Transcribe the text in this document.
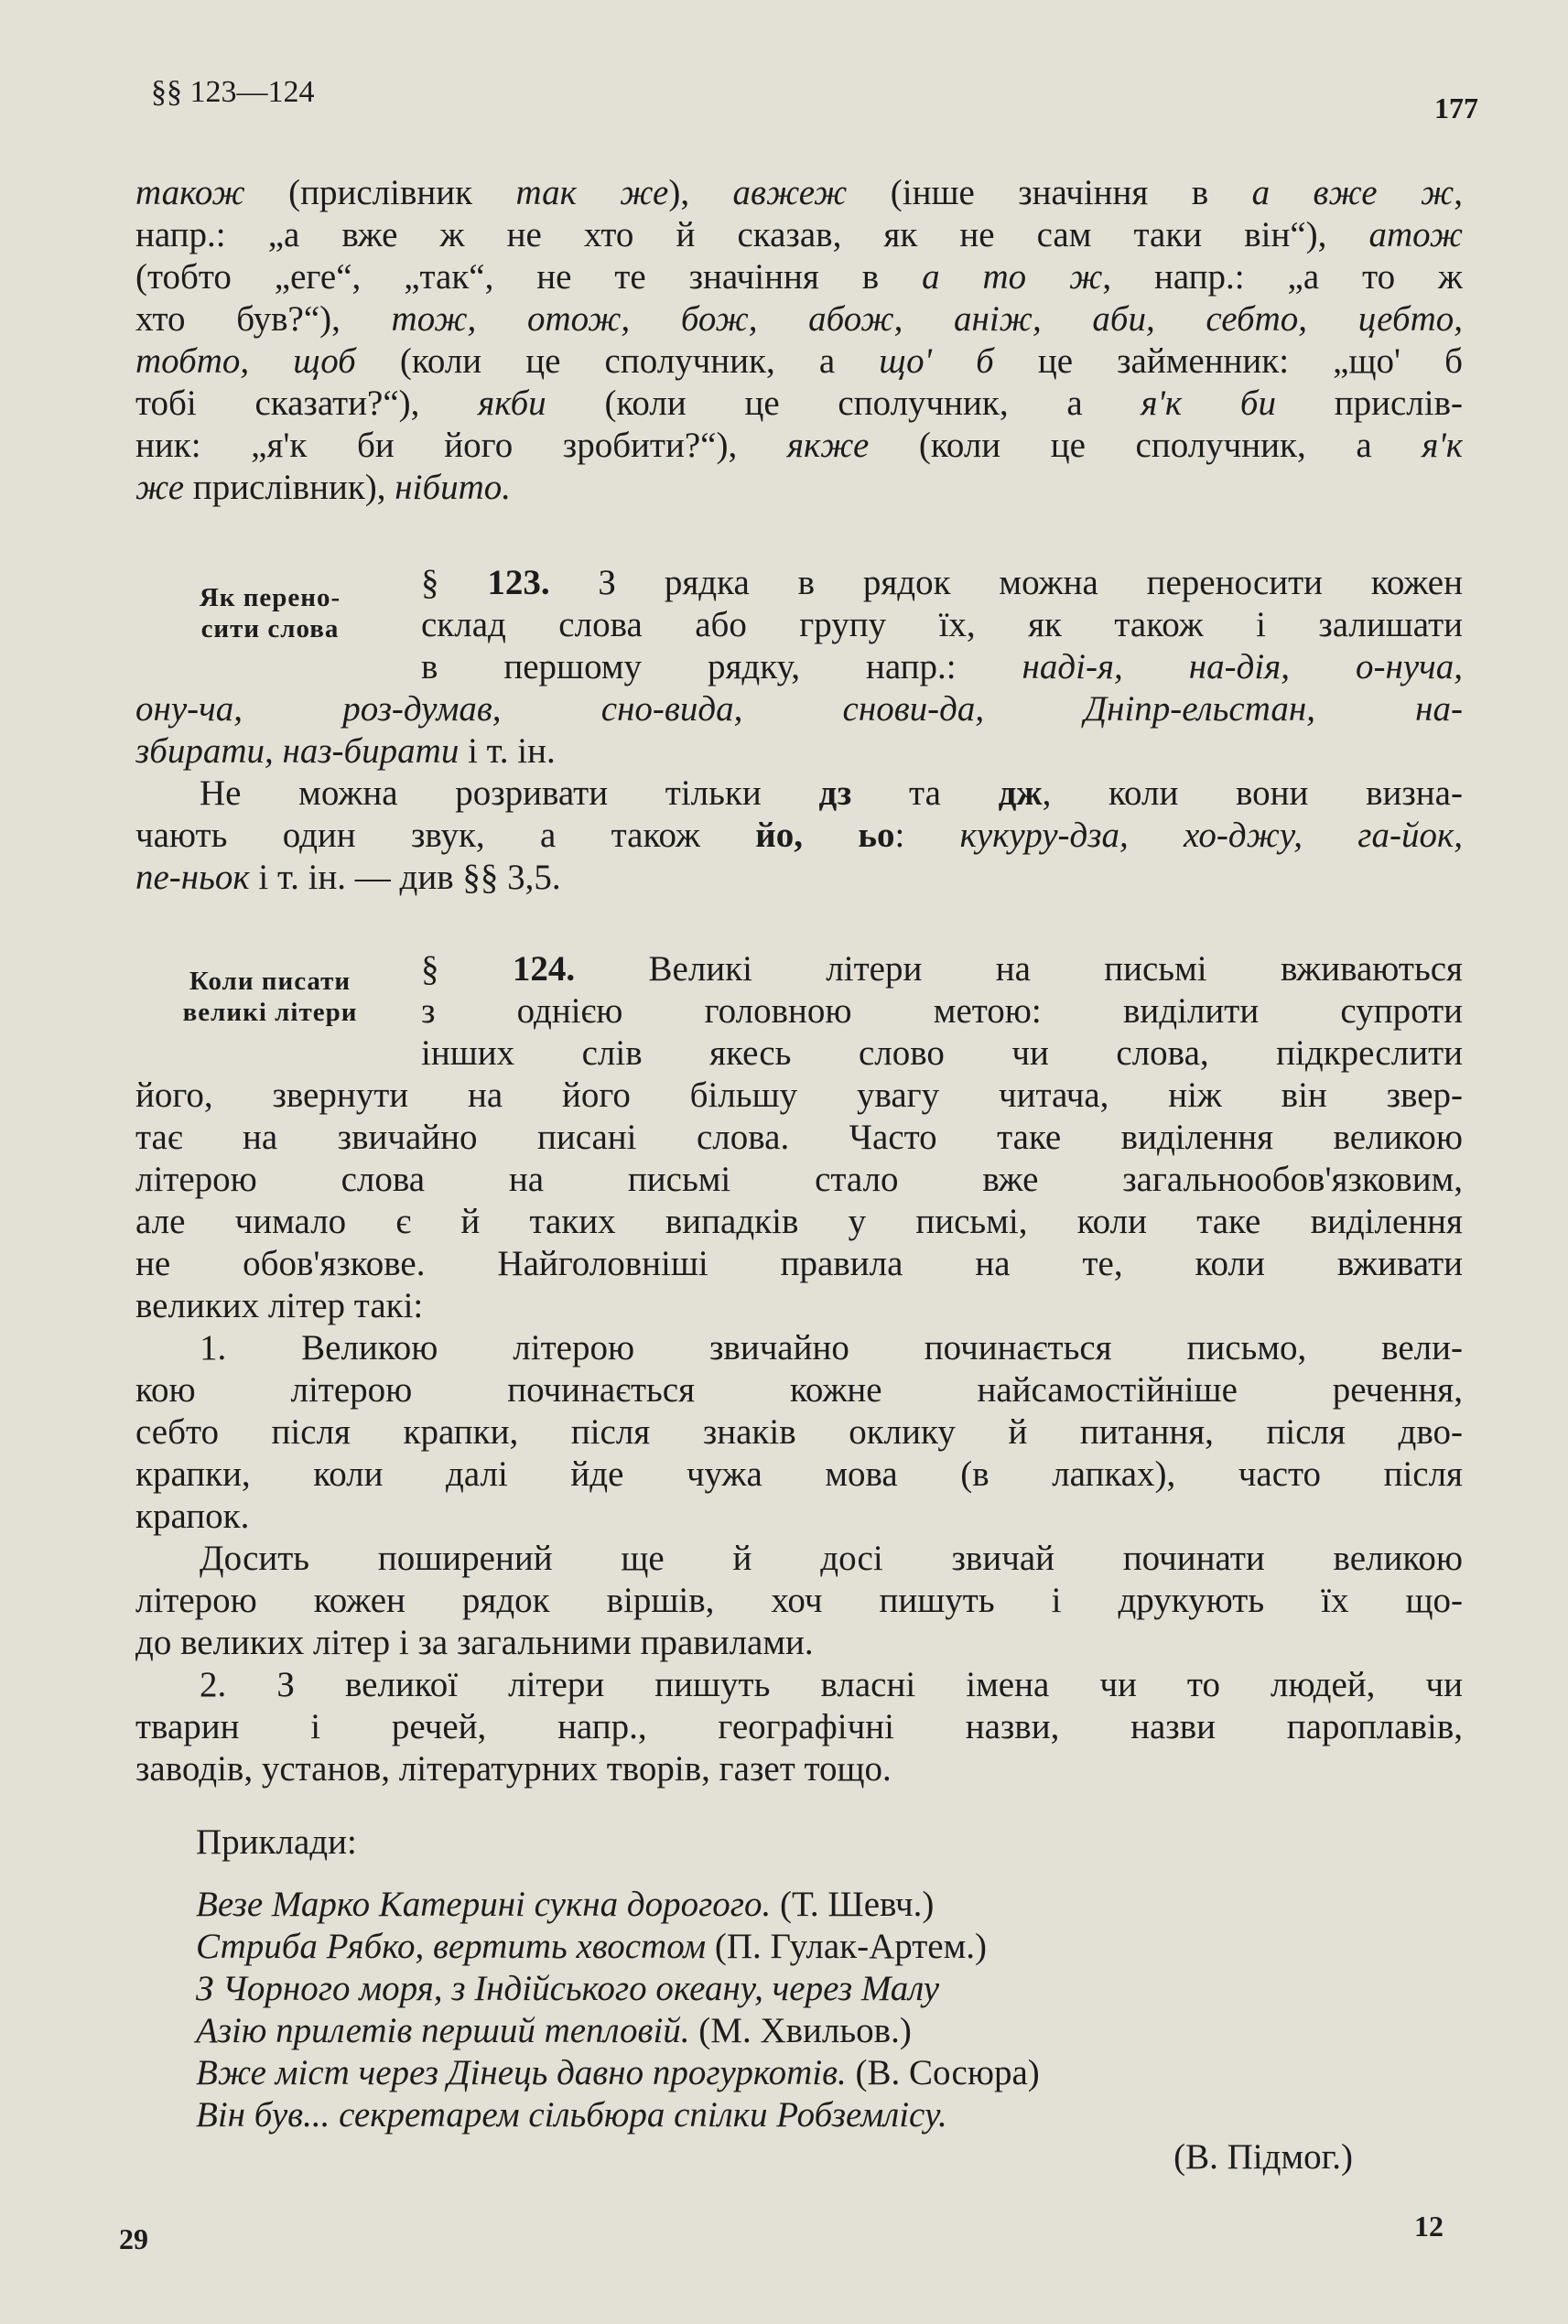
§§ 123—124	177
також (прислівник так же), авжеж (інше значіння в а вже ж,
напр.: „а вже ж не хто й сказав, як не сам таки він“), атож
(тобто „еге“, „так“, не те значіння в а то ж, напр.: „а то ж
хто був?“), тож, отож, бож, абож, аніж, аби, себто, цебто,
тобто, щоб (коли це сполучник, а що' б це займенник: „що' б
тобі сказати?“), якби (коли це сполучник, а я'к би прислів-
ник: „я'к би його зробити?“), якже (коли це сполучник, а я'к
же прислівник), нібито.
Як перено-
сити слова
§ 123. З рядка в рядок можна переносити кожен
склад слова або групу їх, як також і залишати
в першому рядку, напр.: наді-я, на-дія, о-нуча,
ону-ча, роз-думав, сно-вида, снови-да, Дніпр-ельстан, на-
збирати, наз-бирати і т. ін.
Не можна розривати тільки дз та дж, коли вони визна-
чають один звук, а також йо, ьо: кукуру-дза, хо-джу, га-йок,
пе-ньок і т. ін. — див §§ 3,5.
Коли писати
великі літери
§ 124. Великі літери на письмі вживаються
з однією головною метою: виділити супроти
інших слів якесь слово чи слова, підкреслити
його, звернути на його більшу увагу читача, ніж він звер-
тає на звичайно писані слова. Часто таке виділення великою
літерою слова на письмі стало вже загальнообов'язковим,
але чимало є й таких випадків у письмі, коли таке виділення
не обов'язкове. Найголовніші правила на те, коли вживати
великих літер такі:
1. Великою літерою звичайно починається письмо, вели-
кою літерою починається кожне найсамостійніше речення,
себто після крапки, після знаків оклику й питання, після дво-
крапки, коли далі йде чужа мова (в лапках), часто після
крапок.
Досить поширений ще й досі звичай починати великою
літерою кожен рядок віршів, хоч пишуть і друкують їх що-
до великих літер і за загальними правилами.
2. З великої літери пишуть власні імена чи то людей, чи
тварин і речей, напр., географічні назви, назви пароплавів,
заводів, установ, літературних творів, газет тощо.
Приклади:
Везе Марко Катерині сукна дорогого. (Т. Шевч.)
Стриба Рябко, вертить хвостом (П. Гулак-Артем.)
З Чорного моря, з Індійського океану, через Малу
Азію прилетів перший тепловій. (М. Хвильов.)
Вже міст через Дінець давно прогуркотів. (В. Сосюра)
Він був... секретарем сільбюра спілки Робземлісу.
(В. Підмог.)
29	12
